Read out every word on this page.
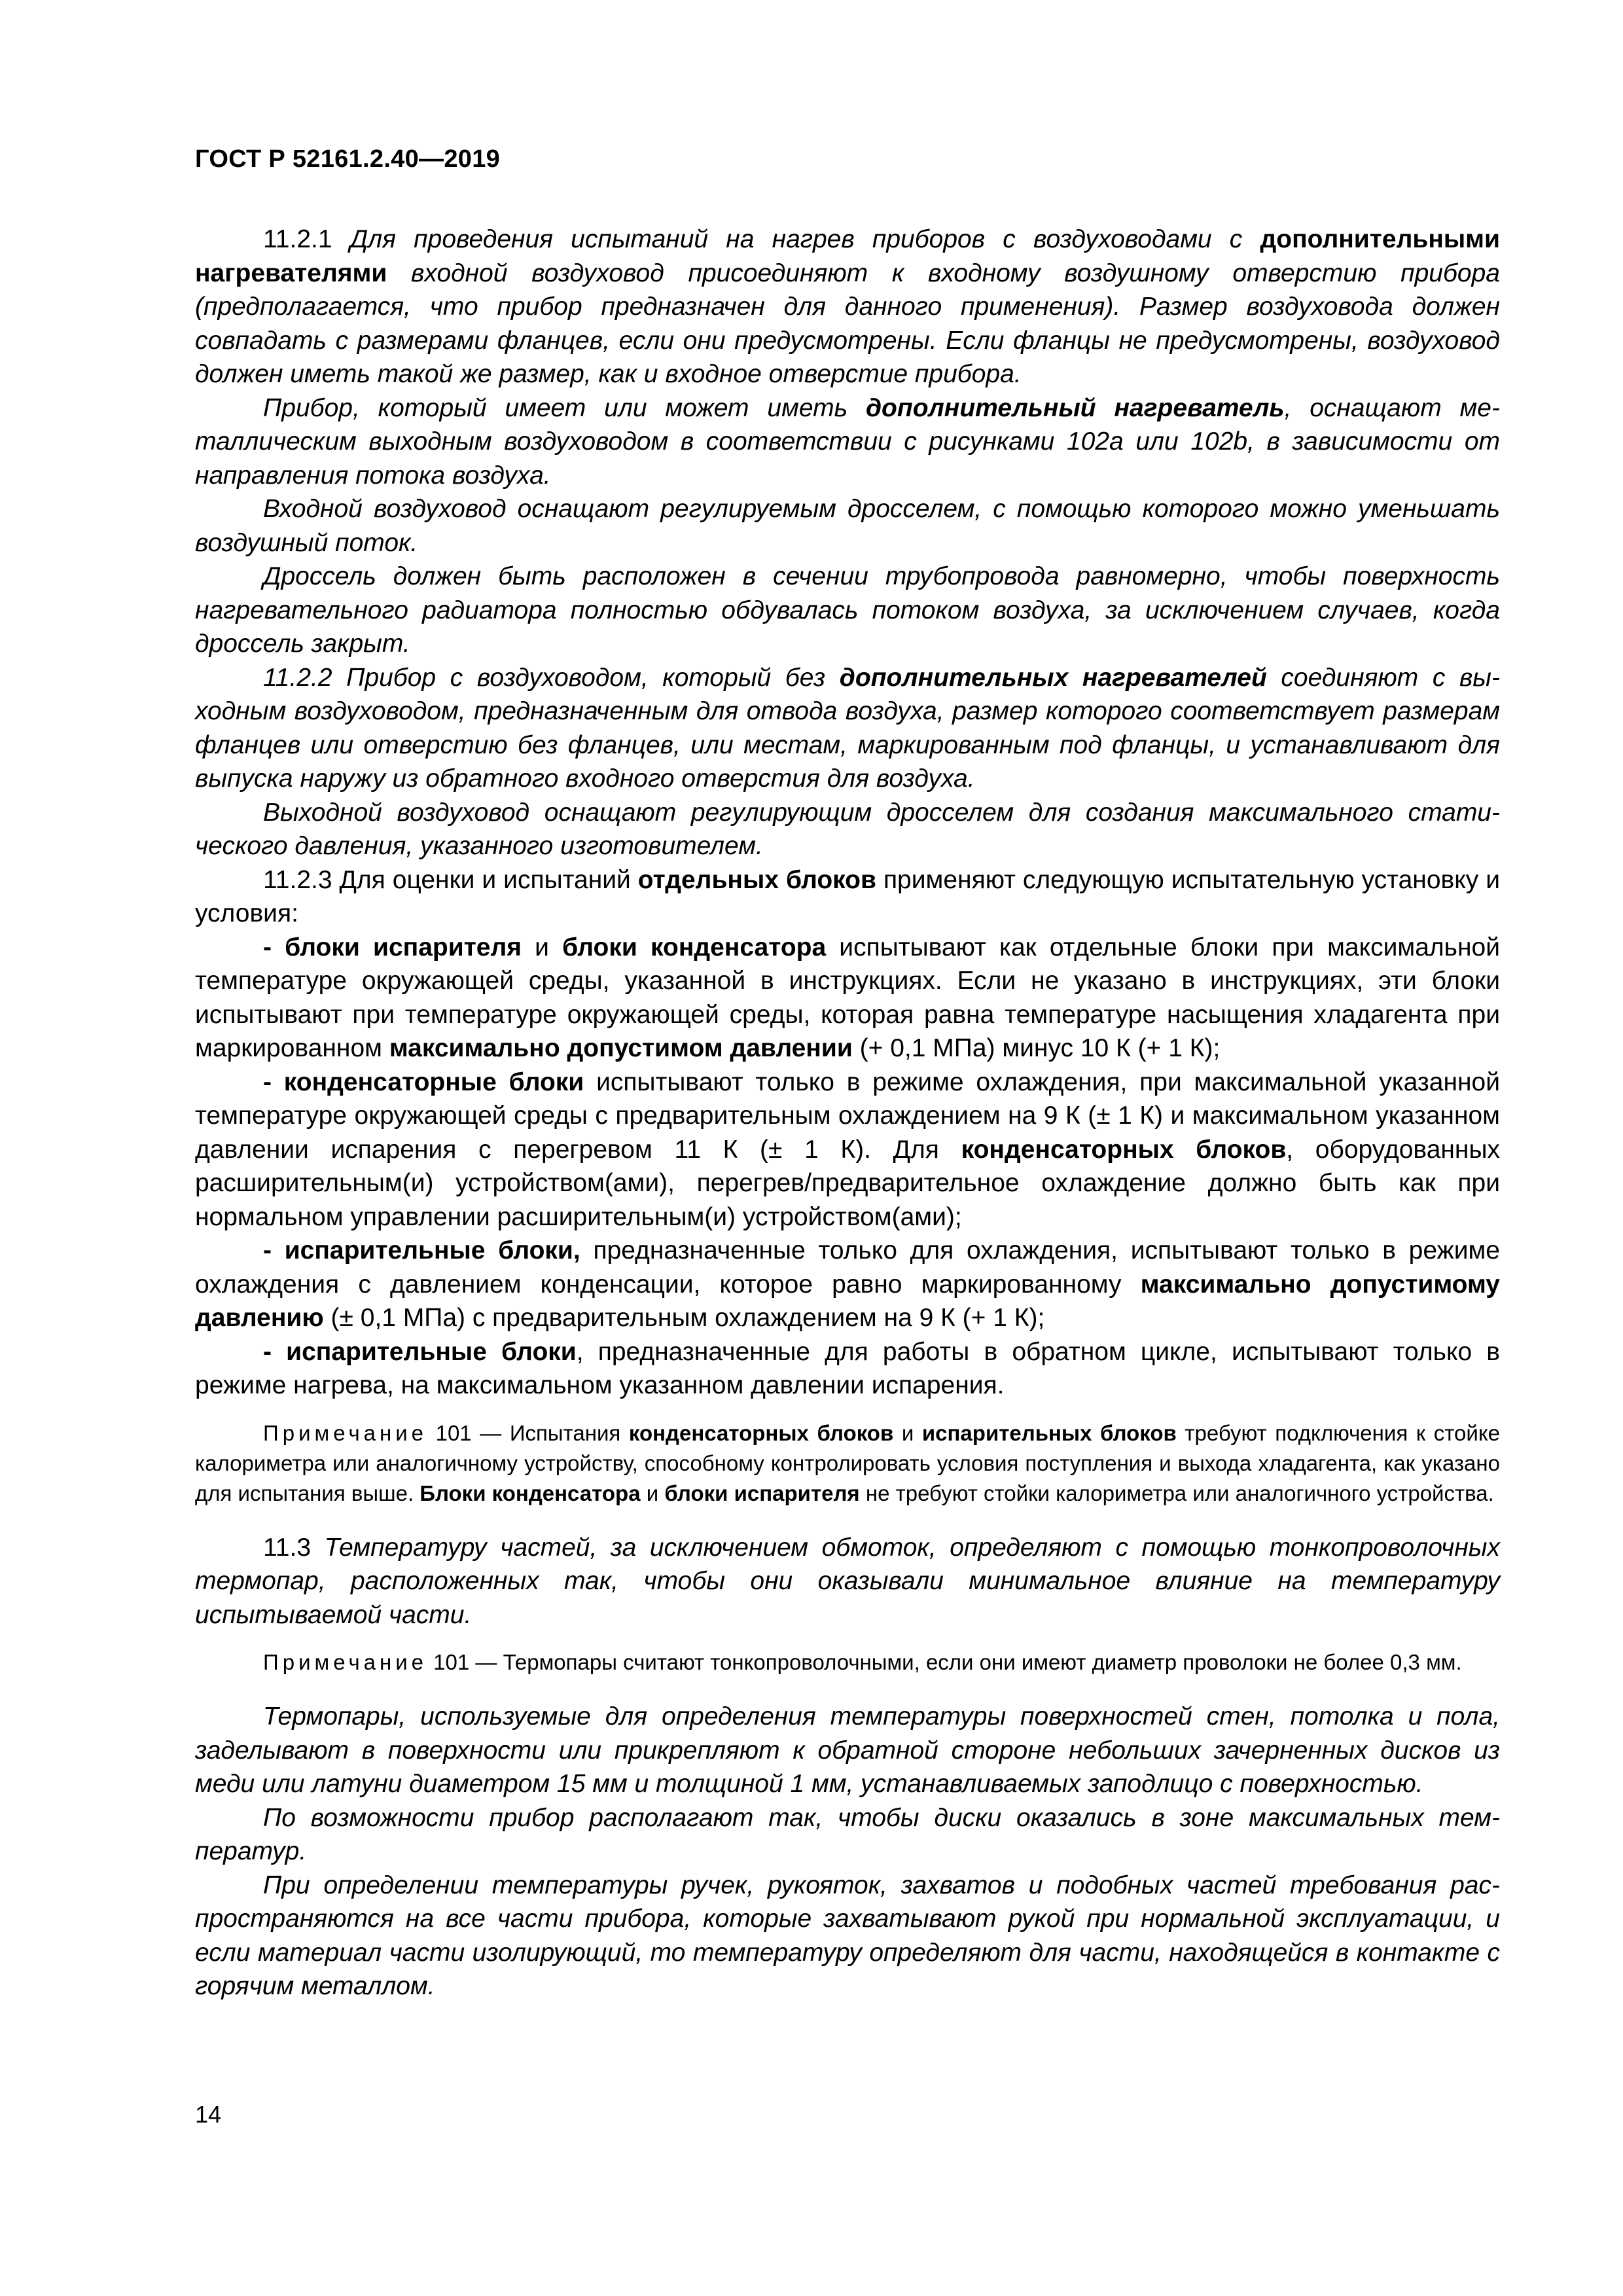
ГОСТ Р 52161.2.40—2019

11.2.1 Для проведения испытаний на нагрев приборов с воздуховодами с дополнительными нагревателями входной воздуховод присоединяют к входному воздушному отверстию прибора (предполагается, что прибор предназначен для данного применения). Размер воздуховода должен совпадать с размерами фланцев, если они предусмотрены. Если фланцы не предусмотрены, воздуховод должен иметь такой же размер, как и входное отверстие прибора.

Прибор, который имеет или может иметь дополнительный нагреватель, оснащают металлическим выходным воздуховодом в соответствии с рисунками 102а или 102b, в зависимости от направления потока воздуха.

Входной воздуховод оснащают регулируемым дросселем, с помощью которого можно уменьшать воздушный поток.

Дроссель должен быть расположен в сечении трубопровода равномерно, чтобы поверхность нагревательного радиатора полностью обдувалась потоком воздуха, за исключением случаев, когда дроссель закрыт.

11.2.2 Прибор с воздуховодом, который без дополнительных нагревателей соединяют с выходным воздуховодом, предназначенным для отвода воздуха, размер которого соответствует размерам фланцев или отверстию без фланцев, или местам, маркированным под фланцы, и устанавливают для выпуска наружу из обратного входного отверстия для воздуха.

Выходной воздуховод оснащают регулирующим дросселем для создания максимального статического давления, указанного изготовителем.

11.2.3 Для оценки и испытаний отдельных блоков применяют следующую испытательную установку и условия:

- блоки испарителя и блоки конденсатора испытывают как отдельные блоки при максимальной температуре окружающей среды, указанной в инструкциях. Если не указано в инструкциях, эти блоки испытывают при температуре окружающей среды, которая равна температуре насыщения хладагента при маркированном максимально допустимом давлении (+ 0,1 МПа) минус 10 К (+ 1 К);

- конденсаторные блоки испытывают только в режиме охлаждения, при максимальной указанной температуре окружающей среды с предварительным охлаждением на 9 К (± 1 К) и максимальном указанном давлении испарения с перегревом 11 К (± 1 К). Для конденсаторных блоков, оборудованных расширительным(и) устройством(ами), перегрев/предварительное охлаждение должно быть как при нормальном управлении расширительным(и) устройством(ами);

- испарительные блоки, предназначенные только для охлаждения, испытывают только в режиме охлаждения с давлением конденсации, которое равно маркированному максимально допустимому давлению (± 0,1 МПа) с предварительным охлаждением на 9 К (+ 1 К);

- испарительные блоки, предназначенные для работы в обратном цикле, испытывают только в режиме нагрева, на максимальном указанном давлении испарения.

Примечание 101 — Испытания конденсаторных блоков и испарительных блоков требуют подключения к стойке калориметра или аналогичному устройству, способному контролировать условия поступления и выхода хладагента, как указано для испытания выше. Блоки конденсатора и блоки испарителя не требуют стойки калориметра или аналогичного устройства.

11.3 Температуру частей, за исключением обмоток, определяют с помощью тонкопроволочных термопар, расположенных так, чтобы они оказывали минимальное влияние на температуру испытываемой части.

Примечание 101 — Термопары считают тонкопроволочными, если они имеют диаметр проволоки не более 0,3 мм.

Термопары, используемые для определения температуры поверхностей стен, потолка и пола, заделывают в поверхности или прикрепляют к обратной стороне небольших зачерненных дисков из меди или латуни диаметром 15 мм и толщиной 1 мм, устанавливаемых заподлицо с поверхностью.

По возможности прибор располагают так, чтобы диски оказались в зоне максимальных температур.

При определении температуры ручек, рукояток, захватов и подобных частей требования распространяются на все части прибора, которые захватывают рукой при нормальной эксплуатации, и если материал части изолирующий, то температуру определяют для части, находящейся в контакте с горячим металлом.

14
